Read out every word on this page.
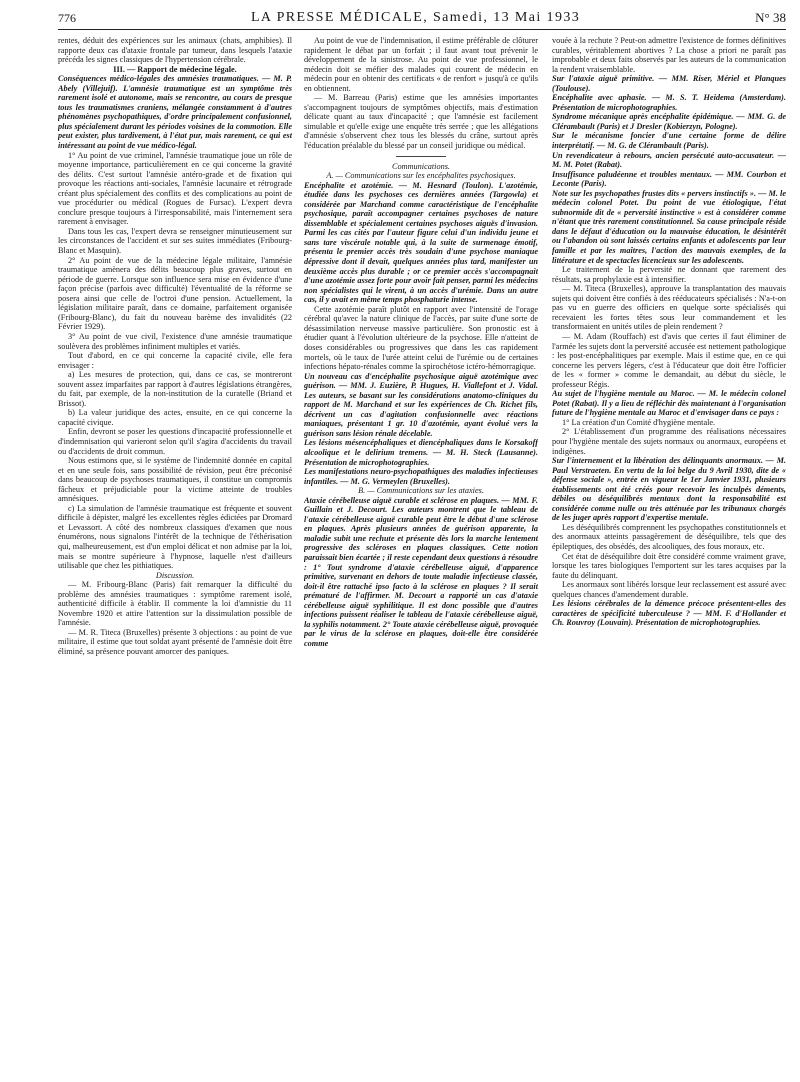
776	LA PRESSE MÉDICALE, Samedi, 13 Mai 1933	N° 38

rentes, déduit des expériences sur les animaux (chats, amphibies). Il rapporte deux cas d'ataxie frontale par tumeur, dans lesquels l'ataxie précéda les signes classiques de l'hypertension cérébrale.

III. — Rapport de médecine légale.

Conséquences médico-légales des amnésies traumatiques. — M. P. Abely (Villejuif). L'amnésie traumatique est un symptôme très rarement isolé et autonome, mais se rencontre, au cours de presque tous les traumatismes craniens, mélangée constamment à d'autres phénomènes psychopathiques, d'ordre principalement confusionnel, plus spécialement durant les périodes voisines de la commotion. Elle peut exister, plus tardivement, à l'état pur, mais rarement, ce qui est intéressant au point de vue médico-légal.

1° Au point de vue criminel, l'amnésie traumatique joue un rôle de moyenne importance, particulièrement en ce qui concerne la gravité des délits. C'est surtout l'amnésie antéro-grade et de fixation qui provoque les réactions anti-sociales, l'amnésie lacunaire et rétrograde créant plus spécialement des conflits et des complications au point de vue procédurier ou médical (Rogues de Fursac). L'expert devra conclure presque toujours à l'irresponsabilité, mais l'internement sera rarement à envisager.

Dans tous les cas, l'expert devra se renseigner minutieusement sur les circonstances de l'accident et sur ses suites immédiates (Fribourg-Blanc et Masquin).

2° Au point de vue de la médecine légale militaire, l'amnésie traumatique amènera des délits beaucoup plus graves, surtout en période de guerre. Lorsque son influence sera mise en évidence d'une façon précise (parfois avec difficulté) l'éventualité de la réforme se posera ainsi que celle de l'octroi d'une pension. Actuellement, la législation militaire paraît, dans ce domaine, parfaitement organisée (Fribourg-Blanc), du fait du nouveau barème des invalidités (22 Février 1929).

3° Au point de vue civil, l'existence d'une amnésie traumatique soulèvera des problèmes infiniment multiples et variés.

Tout d'abord, en ce qui concerne la capacité civile, elle fera envisager :

a) Les mesures de protection, qui, dans ce cas, se montreront souvent assez imparfaites par rapport à d'autres législations étrangères, du fait, par exemple, de la non-institution de la curatelle (Briand et Brissot).

b) La valeur juridique des actes, ensuite, en ce qui concerne la capacité civique.

Enfin, devront se poser les questions d'incapacité professionnelle et d'indemnisation qui varieront selon qu'il s'agira d'accidents du travail ou d'accidents de droit commun.

Nous estimons que, si le système de l'indemnité donnée en capital et en une seule fois, sans possibilité de révision, peut être préconisé dans beaucoup de psychoses traumatiques, il constitue un compromis fâcheux et préjudiciable pour la victime atteinte de troubles amnésiques.

c) La simulation de l'amnésie traumatique est fréquente et souvent difficile à dépister, malgré les excellentes règles édictées par Dromard et Levassort. A côté des nombreux classiques d'examen que nous énumérons, nous signalons l'intérêt de la technique de l'éthérisation qui, malheureusement, est d'un emploi délicat et non admise par la loi, mais se montre supérieure à l'hypnose, laquelle n'est d'ailleurs utilisable que chez les pithiatiques.

Discussion.

— M. Fribourg-Blanc (Paris) fait remarquer la difficulté du problème des amnésies traumatiques : symptôme rarement isolé, authenticité difficile à établir. Il commente la loi d'amnistie du 11 Novembre 1920 et attire l'attention sur la dissimulation possible de l'amnésie.

— M. R. Titeca (Bruxelles) présente 3 objections : au point de vue militaire, il estime que tout soldat ayant présenté de l'amnésie doit être éliminé, sa présence pouvant amorcer des paniques.

Au point de vue de l'indemnisation, il estime préférable de clôturer rapidement le débat par un forfait ; il faut avant tout prévenir le développement de la sinistrose. Au point de vue professionnel, le médecin doit se méfier des malades qui courent de médecin en médecin pour en obtenir des certificats « de renfort » jusqu'à ce qu'ils en obtiennent.

— M. Barreau (Paris) estime que les amnésies importantes s'accompagnent toujours de symptômes objectifs, mais d'estimation délicate quant au taux d'incapacité ; que l'amnésie est facilement simulable et qu'elle exige une enquête très serrée ; que les allégations d'amnésie s'observent chez tous les blessés du crâne, surtout après l'éducation préalable du blessé par un conseil juridique ou médical.

Communications.

A. — Communications sur les encéphalites psychosiques.

Encéphalite et azotémie. — M. Hesnard (Toulon). L'azotémie, étudiée dans les psychoses ces dernières années (Targowla) et considérée par Marchand comme caractéristique de l'encéphalite psychosique, paraît accompagner certaines psychoses de nature dissemblable et spécialement certaines psychoses aiguës d'invasion. Parmi les cas cités par l'auteur figure celui d'un individu jeune et sans tare viscérale notable qui, à la suite de surmenage émotif, présenta le premier accès très soudain d'une psychose maniaque dépressive dont il devait, quelques années plus tard, manifester un deuxième accès plus durable ; or ce premier accès s'accompagnait d'une azotémie assez forte pour avoir fait penser, parmi les médecins non spécialistes qui le virent, à un accès d'urémie. Dans un autre cas, il y avait en même temps phosphaturie intense.

Cette azotémie paraît plutôt en rapport avec l'intensité de l'orage cérébral qu'avec la nature clinique de l'accès, par suite d'une sorte de désassimilation nerveuse massive particulière. Son pronostic est à étudier quant à l'évolution ultérieure de la psychose. Elle n'atteint de doses considérables ou progressives que dans les cas rapidement mortels, où le taux de l'urée atteint celui de l'urémie ou de certaines infections hépato-rénales comme la spirochétose ictéro-hémorragique.

Un nouveau cas d'encéphalite psychosique aiguë azotémique avec guérison. — MM. J. Euzière, P. Hugues, H. Viallefont et J. Vidal. Les auteurs, se basant sur les considérations anatomo-cliniques du rapport de M. Marchand et sur les expériences de Ch. Richet fils, décrivent un cas d'agitation confusionnelle avec réactions maniaques, présentant 1 gr. 10 d'azotémie, ayant évolué vers la guérison sans lésion rénale décelable.

Les lésions mésencéphaliques et diencéphaliques dans le Korsakoff alcoolique et le delirium tremens. — M. H. Steck (Lausanne). Présentation de microphotographies.

Les manifestations neuro-psychopathiques des maladies infectieuses infantiles. — M. G. Vermeylen (Bruxelles).

B. — Communications sur les ataxies.

Ataxie cérébelleuse aiguë curable et sclérose en plaques. — MM. F. Guillain et J. Decourt. Les auteurs montrent que le tableau de l'ataxie cérébelleuse aiguë curable peut être le début d'une sclérose en plaques. Après plusieurs années de guérison apparente, la maladie subit une rechute et présente dès lors la marche lentement progressive des scléroses en plaques classiques. Cette notion paraissait bien écartée ; il reste cependant deux questions à résoudre : 1° Tout syndrome d'ataxie cérébelleuse aiguë, d'apparence primitive, survenant en dehors de toute maladie infectieuse classée, doit-il être rattaché ipso facto à la sclérose en plaques ? Il serait prématuré de l'affirmer. M. Decourt a rapporté un cas d'ataxie cérébelleuse aiguë syphilitique. Il est donc possible que d'autres infections puissent réaliser le tableau de l'ataxie cérébelleuse aiguë, la syphilis notamment. 2° Toute ataxie cérébelleuse aiguë, provoquée par le virus de la sclérose en plaques, doit-elle être considérée comme

vouée à la rechute ? Peut-on admettre l'existence de formes définitives curables, véritablement abortives ? La chose a priori ne paraît pas improbable et deux faits observés par les auteurs de la communication la rendent vraisemblable.

Sur l'ataxie aiguë primitive. — MM. Riser, Mériel et Planques (Toulouse).

Encéphalite avec aphasie. — M. S. T. Heidema (Amsterdam). Présentation de microphotographies.

Syndrome mécanique après encéphalite épidémique. — MM. G. de Clérambault (Paris) et J Dresler (Kobierzyn, Pologne).

Sur le mécanisme foncier d'une certaine forme de délire interprétatif. — M. G. de Clérambault (Paris).

Un revendicateur à rebours, ancien persécuté auto-accusateur. — M. M. Potet (Rabat).

Insuffisance paludéenne et troubles mentaux. — MM. Courbon et Leconte (Paris).

Note sur les psychopathes frustes dits « pervers instinctifs ». — M. le médecin colonel Potet. Du point de vue étiologique, l'état subnormide dit de « perversité instinctive » est à considérer comme n'étant que très rarement constitutionnel. Sa cause principale réside dans le défaut d'éducation ou la mauvaise éducation, le désintérêt ou l'abandon où sont laissés certains enfants et adolescents par leur famille et par les maîtres, l'action des mauvais exemples, de la littérature et de spectacles licencieux sur les adolescents.

Le traitement de la perversité ne donnant que rarement des résultats, sa prophylaxie est à intensifier.

— M. Titeca (Bruxelles), approuve la transplantation des mauvais sujets qui doivent être confiés à des rééducateurs spécialisés : N'a-t-on pas vu en guerre des officiers en quelque sorte spécialisés qui recevaient les fortes têtes sous leur commandement et les transformaient en unités utiles de plein rendement ?

— M. Adam (Rouffach) est d'avis que certes il faut éliminer de l'armée les sujets dont la perversité accusée est nettement pathologique : les post-encéphalitiques par exemple. Mais il estime que, en ce qui concerne les pervers légers, c'est à l'éducateur que doit être l'officier de les « former » comme le demandait, au début du siècle, le professeur Régis.

Au sujet de l'hygiène mentale au Maroc. — M. le médecin colonel Potet (Rabat). Il y a lieu de réfléchir dès maintenant à l'organisation future de l'hygiène mentale au Maroc et d'envisager dans ce pays :

1° La création d'un Comité d'hygiène mentale.

2° L'établissement d'un programme des réalisations nécessaires pour l'hygiène mentale des sujets normaux ou anormaux, européens et indigènes.

Sur l'internement et la libération des délinquants anormaux. — M. Paul Verstraeten. En vertu de la loi belge du 9 Avril 1930, dite de « défense sociale », entrée en vigueur le 1er Janvier 1931, plusieurs établissements ont été créés pour recevoir les inculpés déments, débiles ou déséquilibrés mentaux dont la responsabilité est considérée comme nulle ou très atténuée par les tribunaux chargés de les juger après rapport d'expertise mentale.

Les déséquilibrés comprennent les psychopathes constitutionnels et des anormaux atteints passagèrement de déséquilibre, tels que des épileptiques, des obsédés, des alcooliques, des fous moraux, etc.

Cet état de déséquilibre doit être considéré comme vraiment grave, lorsque les tares biologiques l'emportent sur les tares acquises par la faute du délinquant.

Les anormaux sont libérés lorsque leur reclassement est assuré avec quelques chances d'amendement durable.

Les lésions cérébrales de la démence précoce présentent-elles des caractères de spécificité tuberculeuse ? — MM. F. d'Hollander et Ch. Rouvroy (Louvain). Présentation de microphotographies.
